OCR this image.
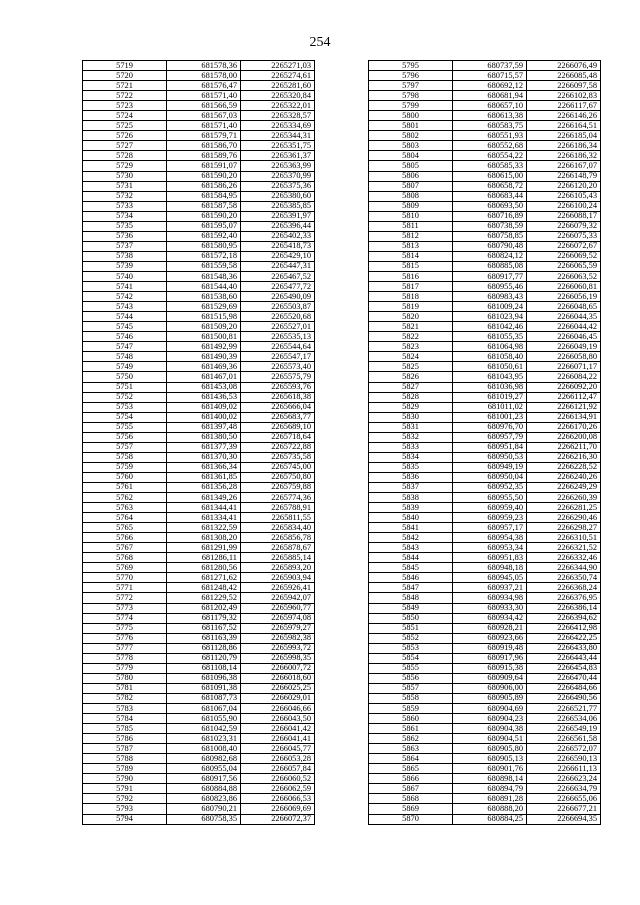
254
5719	681578,36	2265271,03
5720	681578,00	2265274,61
5721	681576,47	2265281,60
5722	681571,40	2265320,84
5723	681566,59	2265322,01
5724	681567,03	2265328,57
5725	681571,40	2265334,69
5726	681579,71	2265344,31
5727	681586,70	2265351,75
5728	681589,76	2265361,37
5729	681591,07	2265363,99
5730	681590,20	2265370,99
5731	681586,26	2265375,36
5732	681584,95	2265380,60
5733	681587,58	2265385,85
5734	681590,20	2265391,97
5735	681595,07	2265396,44
5736	681592,40	2265402,33
5737	681580,95	2265418,73
5738	681572,18	2265429,10
5739	681559,58	2265447,31
5740	681548,36	2265467,52
5741	681544,40	2265477,72
5742	681538,60	2265490,09
5743	681529,69	2265503,87
5744	681515,98	2265520,68
5745	681509,20	2265527,01
5746	681500,81	2265535,13
5747	681492,99	2265544,64
5748	681490,39	2265547,17
5749	681469,36	2265573,40
5750	681467,01	2265575,79
5751	681453,08	2265593,76
5752	681436,53	2265618,38
5753	681409,02	2265666,04
5754	681400,02	2265683,77
5755	681397,48	2265689,10
5756	681380,50	2265718,64
5757	681377,39	2265722,88
5758	681370,30	2265735,58
5759	681366,34	2265745,00
5760	681361,85	2265750,80
5761	681356,28	2265759,88
5762	681349,26	2265774,36
5763	681344,41	2265788,91
5764	681334,41	2265811,55
5765	681322,59	2265834,40
5766	681308,20	2265856,78
5767	681291,99	2265878,67
5768	681286,11	2265885,14
5769	681280,56	2265893,20
5770	681271,62	2265903,94
5771	681248,42	2265926,41
5772	681229,52	2265942,07
5773	681202,49	2265960,77
5774	681179,32	2265974,08
5775	681167,52	2265979,27
5776	681163,39	2265982,38
5777	681128,86	2265993,72
5778	681120,79	2265998,35
5779	681108,14	2266007,72
5780	681096,38	2266018,60
5781	681091,38	2266025,25
5782	681087,73	2266029,01
5783	681067,04	2266046,66
5784	681055,90	2266043,50
5785	681042,59	2266041,42
5786	681023,31	2266041,41
5787	681008,40	2266045,77
5788	680982,68	2266053,28
5789	680955,04	2266057,84
5790	680917,56	2266060,52
5791	680884,88	2266062,59
5792	680823,86	2266066,53
5793	680790,21	2266069,69
5794	680758,35	2266072,37
5795	680737,59	2266076,49
5796	680715,57	2266085,48
5797	680692,12	2266097,58
5798	680681,94	2266102,83
5799	680657,10	2266117,67
5800	680613,38	2266146,26
5801	680583,75	2266164,51
5802	680551,93	2266185,04
5803	680552,68	2266186,34
5804	680554,22	2266186,32
5805	680585,33	2266167,07
5806	680615,00	2266148,79
5807	680658,72	2266120,20
5808	680683,44	2266105,43
5809	680693,50	2266100,24
5810	680716,89	2266088,17
5811	680738,59	2266079,32
5812	680758,85	2266075,33
5813	680790,48	2266072,67
5814	680824,12	2266069,52
5815	680885,08	2266065,59
5816	680917,77	2266063,52
5817	680955,46	2266060,81
5818	680983,43	2266056,19
5819	681009,24	2266048,65
5820	681023,94	2266044,35
5821	681042,46	2266044,42
5822	681055,35	2266046,45
5823	681064,98	2266049,19
5824	681058,40	2266058,80
5825	681050,61	2266071,17
5826	681043,95	2266084,22
5827	681036,98	2266092,20
5828	681019,27	2266112,47
5829	681011,02	2266121,92
5830	681001,23	2266134,91
5831	680976,70	2266170,26
5832	680957,79	2266200,08
5833	680951,84	2266211,70
5834	680950,53	2266216,30
5835	680949,19	2266228,52
5836	680950,04	2266240,26
5837	680952,35	2266249,29
5838	680955,50	2266260,39
5839	680959,40	2266281,25
5840	680959,23	2266290,46
5841	680957,17	2266298,27
5842	680954,38	2266310,51
5843	680953,34	2266321,52
5844	680951,83	2266332,46
5845	680948,18	2266344,90
5846	680945,05	2266350,74
5847	680937,21	2266368,24
5848	680934,98	2266376,95
5849	680933,30	2266386,14
5850	680934,42	2266394,62
5851	680928,21	2266412,98
5852	680923,66	2266422,25
5853	680919,48	2266433,80
5854	680917,96	2266443,44
5855	680915,38	2266454,83
5856	680909,64	2266470,44
5857	680906,00	2266484,66
5858	680905,89	2266490,56
5859	680904,69	2266521,77
5860	680904,23	2266534,06
5861	680904,38	2266549,19
5862	680904,51	2266561,58
5863	680905,80	2266572,07
5864	680905,13	2266590,13
5865	680901,76	2266611,13
5866	680898,14	2266623,24
5867	680894,79	2266634,79
5868	680891,28	2266655,06
5869	680888,20	2266677,21
5870	680884,25	2266694,35
